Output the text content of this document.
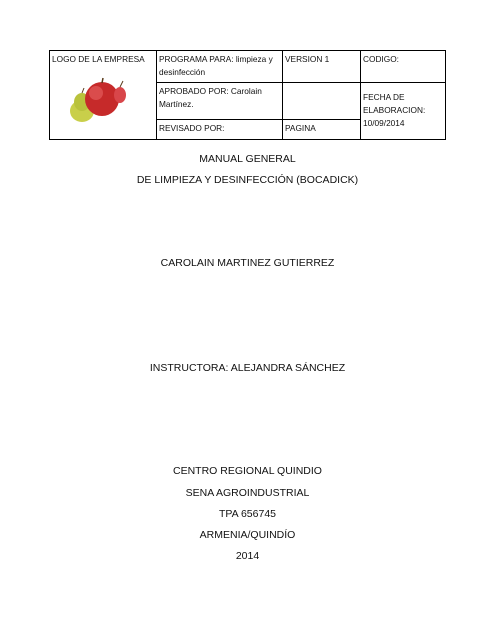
LOGO DE LA EMPRESA	PROGRAMA PARA: limpieza y desinfección	VERSION 1	CODIGO:
	APROBADO POR: Carolain Martínez.		FECHA DE ELABORACION:
10/09/2014

	REVISADO POR:	PAGINA	
MANUAL GENERAL
DE LIMPIEZA Y DESINFECCIÓN (BOCADICK)
CAROLAIN MARTINEZ GUTIERREZ
INSTRUCTORA: ALEJANDRA SÁNCHEZ
CENTRO REGIONAL QUINDIO
SENA AGROINDUSTRIAL
TPA 656745
ARMENIA/QUINDÍO
2014
